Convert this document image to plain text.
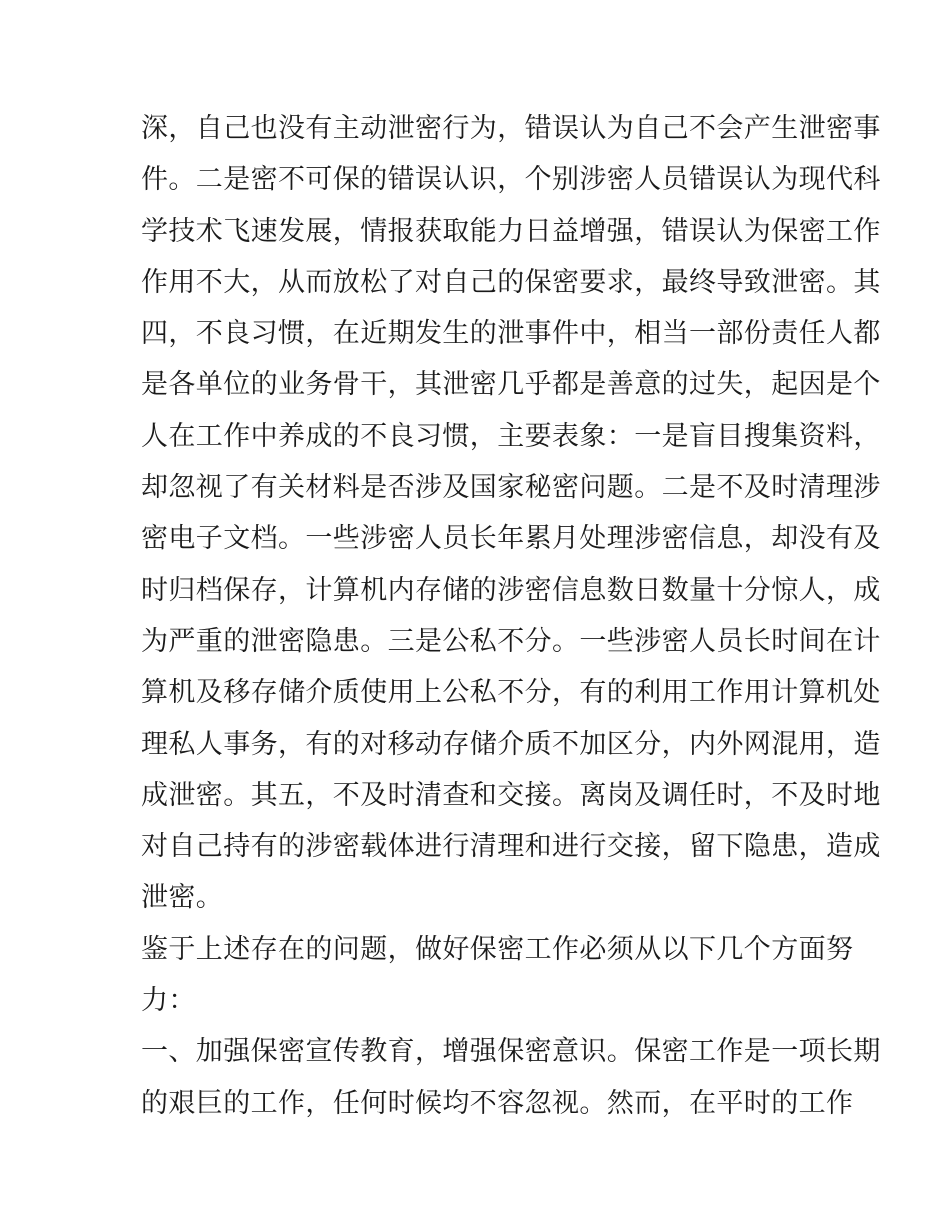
深，自己也没有主动泄密行为，错误认为自己不会产生泄密事
件。二是密不可保的错误认识，个别涉密人员错误认为现代科
学技术飞速发展，情报获取能力日益增强，错误认为保密工作
作用不大，从而放松了对自己的保密要求，最终导致泄密。其
四，不良习惯，在近期发生的泄事件中，相当一部份责任人都
是各单位的业务骨干，其泄密几乎都是善意的过失，起因是个
人在工作中养成的不良习惯，主要表象：一是盲目搜集资料，
却忽视了有关材料是否涉及国家秘密问题。二是不及时清理涉
密电子文档。一些涉密人员长年累月处理涉密信息，却没有及
时归档保存，计算机内存储的涉密信息数日数量十分惊人，成
为严重的泄密隐患。三是公私不分。一些涉密人员长时间在计
算机及移存储介质使用上公私不分，有的利用工作用计算机处
理私人事务，有的对移动存储介质不加区分，内外网混用，造
成泄密。其五，不及时清查和交接。离岗及调任时，不及时地
对自己持有的涉密载体进行清理和进行交接，留下隐患，造成
泄密。
鉴于上述存在的问题，做好保密工作必须从以下几个方面努
力：
一、加强保密宣传教育，增强保密意识。保密工作是一项长期
的艰巨的工作，任何时候均不容忽视。然而，在平时的工作
